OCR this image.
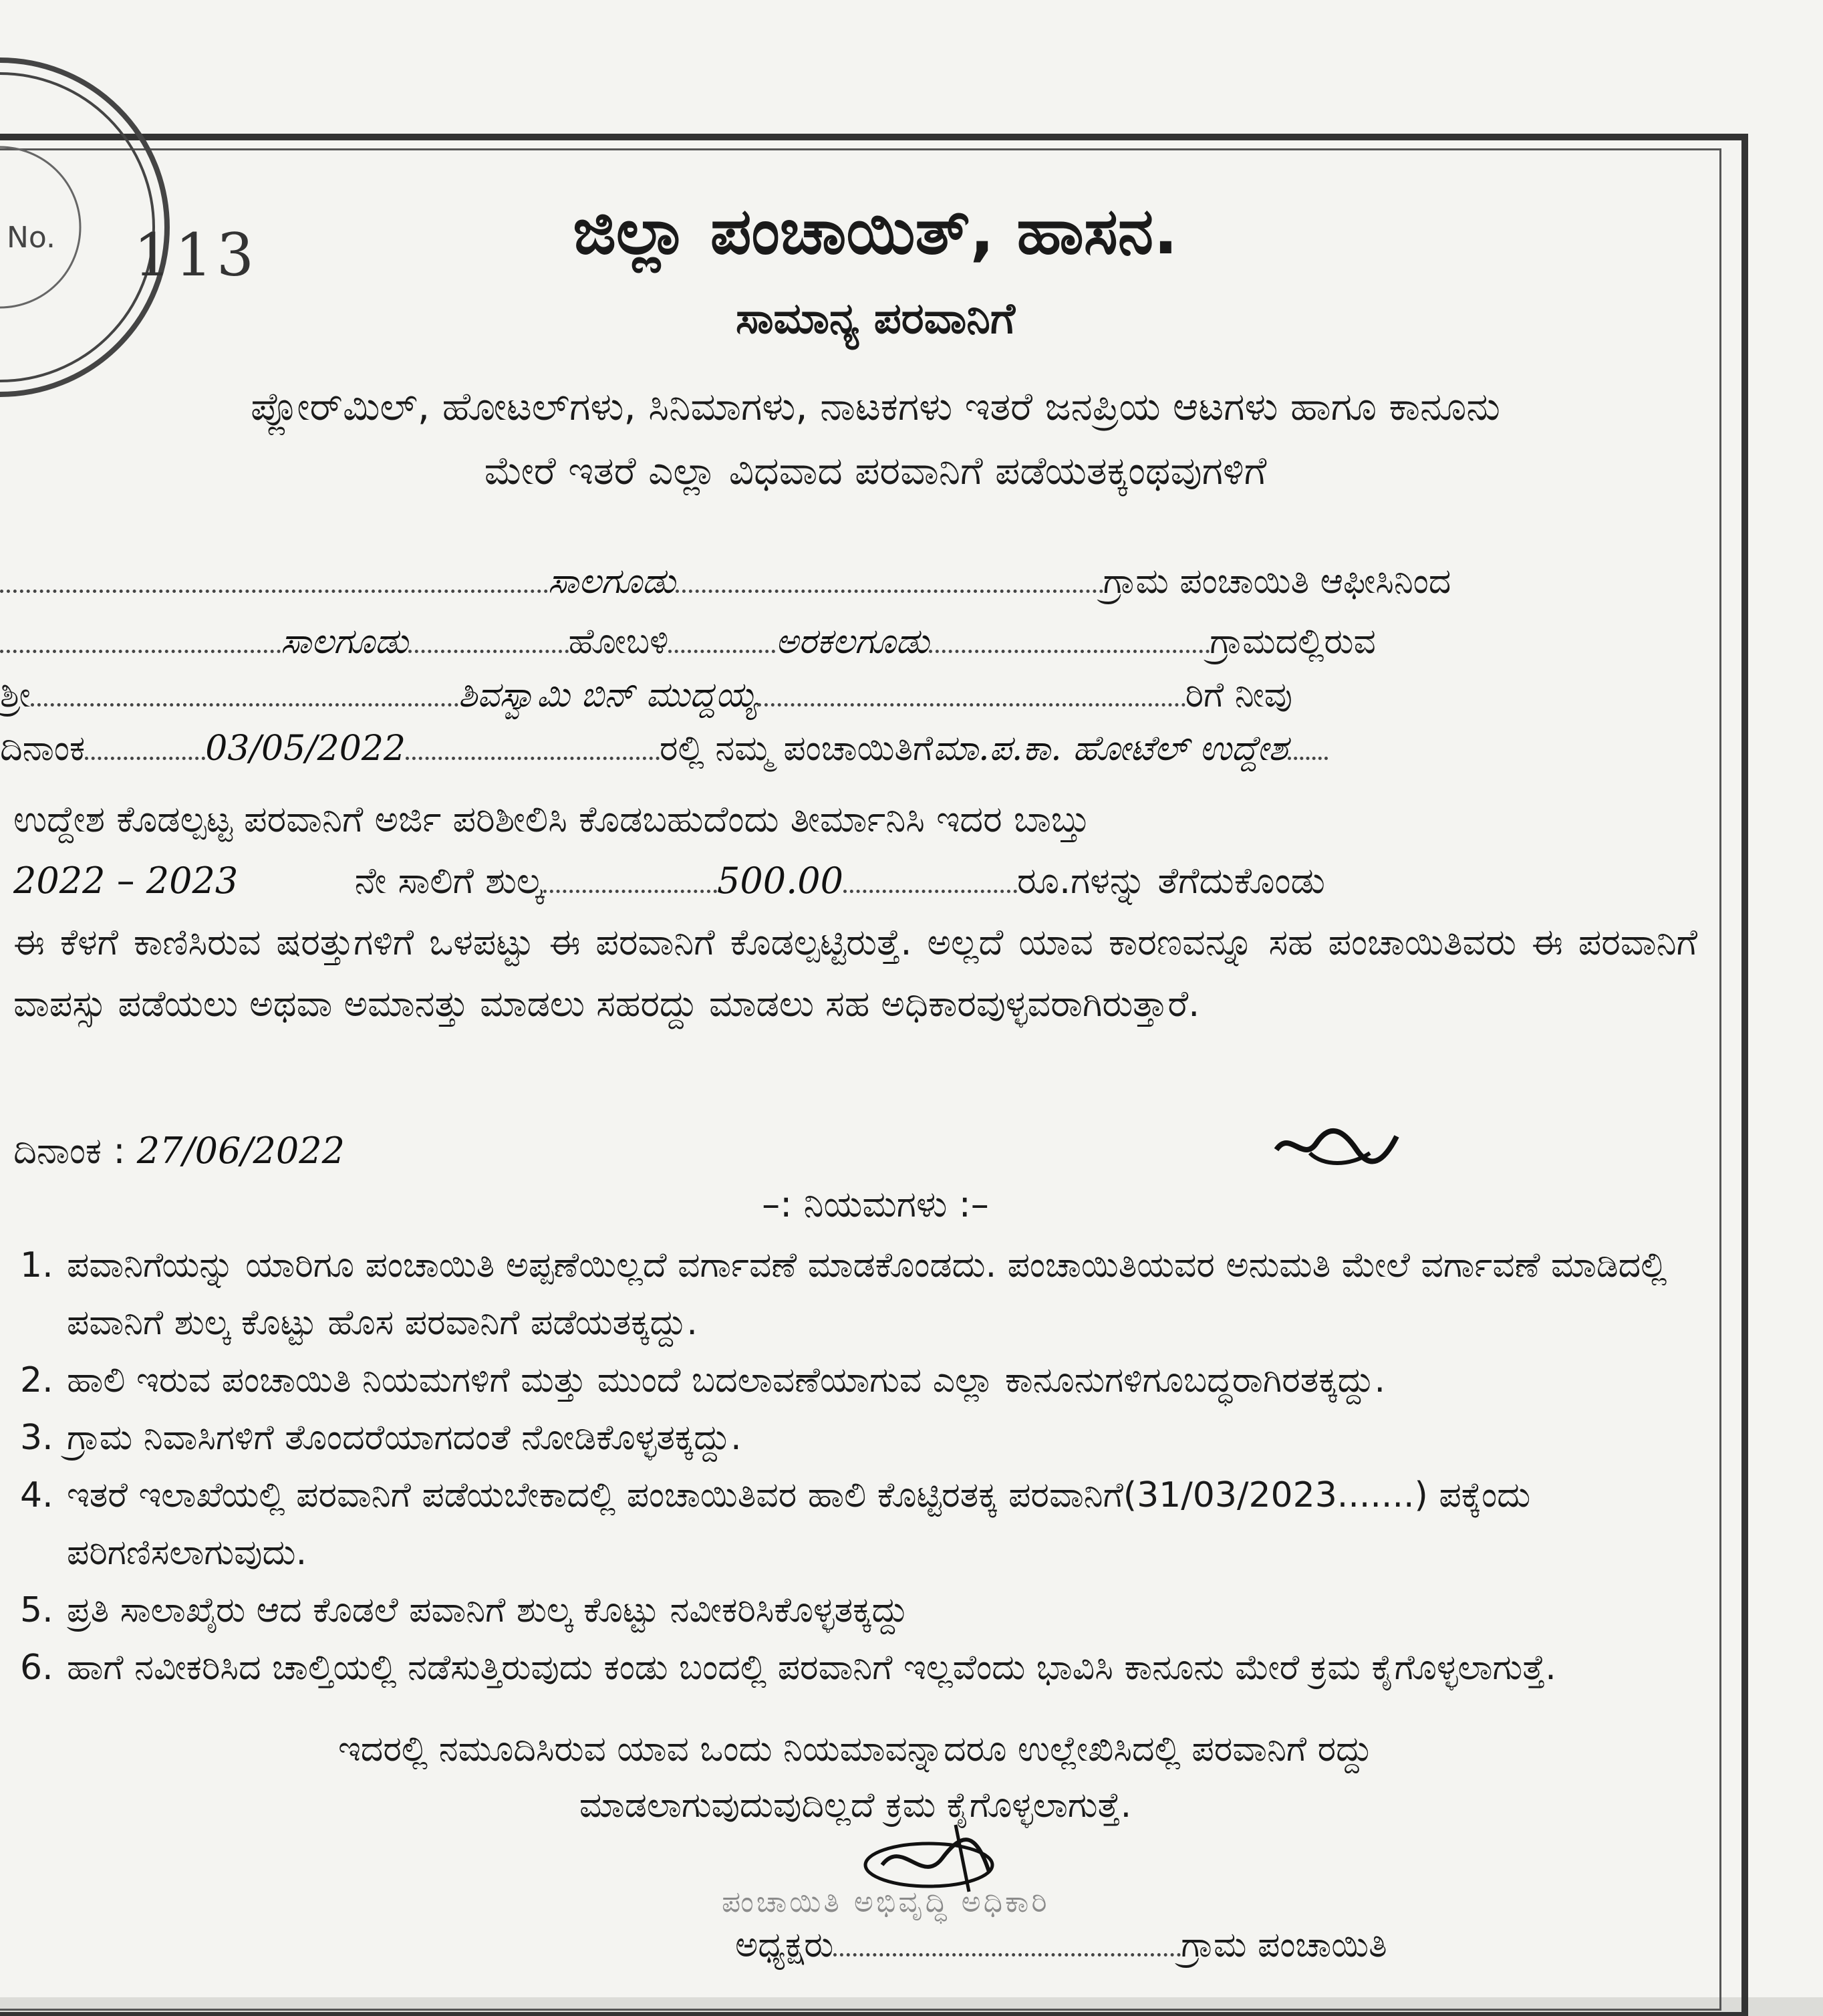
No. 113	ಜಿಲ್ಲಾ ಪಂಚಾಯಿತ್, ಹಾಸನ.
ಸಾಮಾನ್ಯ ಪರವಾನಿಗೆ
ಪ್ಲೋರ್‌ಮಿಲ್, ಹೋಟಲ್‌ಗಳು, ಸಿನಿಮಾಗಳು, ನಾಟಕಗಳು ಇತರೆ ಜನಪ್ರಿಯ ಆಟಗಳು ಹಾಗೂ ಕಾನೂನು
ಮೇರೆ ಇತರೆ ಎಲ್ಲಾ ವಿಧವಾದ ಪರವಾನಿಗೆ ಪಡೆಯತಕ್ಕಂಥವುಗಳಿಗೆ
ಸಾಲಗೂಡು	ಗ್ರಾಮ ಪಂಚಾಯಿತಿ ಆಫೀಸಿನಿಂದ
ಸಾಲಗೂಡು	ಹೋಬಳಿ	ಅರಕಲಗೂಡು	ಗ್ರಾಮದಲ್ಲಿರುವ
ಶ್ರೀ	ಶಿವಸ್ವಾಮಿ ಬಿನ್ ಮುದ್ದಯ್ಯ	ರಿಗೆ ನೀವು
ದಿನಾಂಕ	03/05/2022	ರಲ್ಲಿ ನಮ್ಮ ಪಂಚಾಯಿತಿಗೆಮಾ.ಪ.ಕಾ. ಹೋಟೆಲ್ ಉದ್ದೇಶ
ಉದ್ದೇಶ ಕೊಡಲ್ಪಟ್ಟ ಪರವಾನಿಗೆ ಅರ್ಜಿ ಪರಿಶೀಲಿಸಿ ಕೊಡಬಹುದೆಂದು ತೀರ್ಮಾನಿಸಿ ಇದರ ಬಾಬ್ತು
2022 – 2023	ನೇ ಸಾಲಿಗೆ ಶುಲ್ಕ	500.00	ರೂ.ಗಳನ್ನು ತೆಗೆದುಕೊಂಡು
ಈ ಕೆಳಗೆ ಕಾಣಿಸಿರುವ ಷರತ್ತುಗಳಿಗೆ ಒಳಪಟ್ಟು ಈ ಪರವಾನಿಗೆ ಕೊಡಲ್ಪಟ್ಟಿರುತ್ತೆ. ಅಲ್ಲದೆ ಯಾವ ಕಾರಣವನ್ನೂ ಸಹ ಪಂಚಾಯಿತಿವರು ಈ ಪರವಾನಿಗೆ ವಾಪಸ್ಸು ಪಡೆಯಲು ಅಥವಾ ಅಮಾನತ್ತು ಮಾಡಲು ಸಹರದ್ದು ಮಾಡಲು ಸಹ ಅಧಿಕಾರವುಳ್ಳವರಾಗಿರುತ್ತಾರೆ.
ದಿನಾಂಕ : 27/06/2022
–: ನಿಯಮಗಳು :–
1. ಪವಾನಿಗೆಯನ್ನು ಯಾರಿಗೂ ಪಂಚಾಯಿತಿ ಅಪ್ಪಣೆಯಿಲ್ಲದೆ ವರ್ಗಾವಣೆ ಮಾಡಕೊಂಡದು. ಪಂಚಾಯಿತಿಯವರ ಅನುಮತಿ ಮೇಲೆ ವರ್ಗಾವಣೆ ಮಾಡಿದಲ್ಲಿ ಪವಾನಿಗೆ ಶುಲ್ಕ ಕೊಟ್ಟು ಹೊಸ ಪರವಾನಿಗೆ ಪಡೆಯತಕ್ಕದ್ದು.
2. ಹಾಲಿ ಇರುವ ಪಂಚಾಯಿತಿ ನಿಯಮಗಳಿಗೆ ಮತ್ತು ಮುಂದೆ ಬದಲಾವಣೆಯಾಗುವ ಎಲ್ಲಾ ಕಾನೂನುಗಳಿಗೂಬದ್ಧರಾಗಿರತಕ್ಕದ್ದು.
3. ಗ್ರಾಮ ನಿವಾಸಿಗಳಿಗೆ ತೊಂದರೆಯಾಗದಂತೆ ನೋಡಿಕೊಳ್ಳತಕ್ಕದ್ದು.
4. ಇತರೆ ಇಲಾಖೆಯಲ್ಲಿ ಪರವಾನಿಗೆ ಪಡೆಯಬೇಕಾದಲ್ಲಿ ಪಂಚಾಯಿತಿವರ ಹಾಲಿ ಕೊಟ್ಟಿರತಕ್ಕ ಪರವಾನಿಗೆ(31/03/2023.......) ಪಕ್ಕೆಂದು ಪರಿಗಣಿಸಲಾಗುವುದು.
5. ಪ್ರತಿ ಸಾಲಾಖೈರು ಆದ ಕೊಡಲೆ ಪವಾನಿಗೆ ಶುಲ್ಕ ಕೊಟ್ಟು ನವೀಕರಿಸಿಕೊಳ್ಳತಕ್ಕದ್ದು
6. ಹಾಗೆ ನವೀಕರಿಸಿದ ಚಾಲ್ತಿಯಲ್ಲಿ ನಡೆಸುತ್ತಿರುವುದು ಕಂಡು ಬಂದಲ್ಲಿ ಪರವಾನಿಗೆ ಇಲ್ಲವೆಂದು ಭಾವಿಸಿ ಕಾನೂನು ಮೇರೆ ಕ್ರಮ ಕೈಗೊಳ್ಳಲಾಗುತ್ತೆ.
ಇದರಲ್ಲಿ ನಮೂದಿಸಿರುವ ಯಾವ ಒಂದು ನಿಯಮಾವನ್ನಾದರೂ ಉಲ್ಲೇಖಿಸಿದಲ್ಲಿ ಪರವಾನಿಗೆ ರದ್ದು
ಮಾಡಲಾಗುವುದುವುದಿಲ್ಲದೆ ಕ್ರಮ ಕೈಗೊಳ್ಳಲಾಗುತ್ತೆ.
ಪಂಚಾಯಿತಿ ಅಭಿವೃದ್ಧಿ ಅಧಿಕಾರಿ
ಅಧ್ಯಕ್ಷರು	ಗ್ರಾಮ ಪಂಚಾಯಿತಿ
